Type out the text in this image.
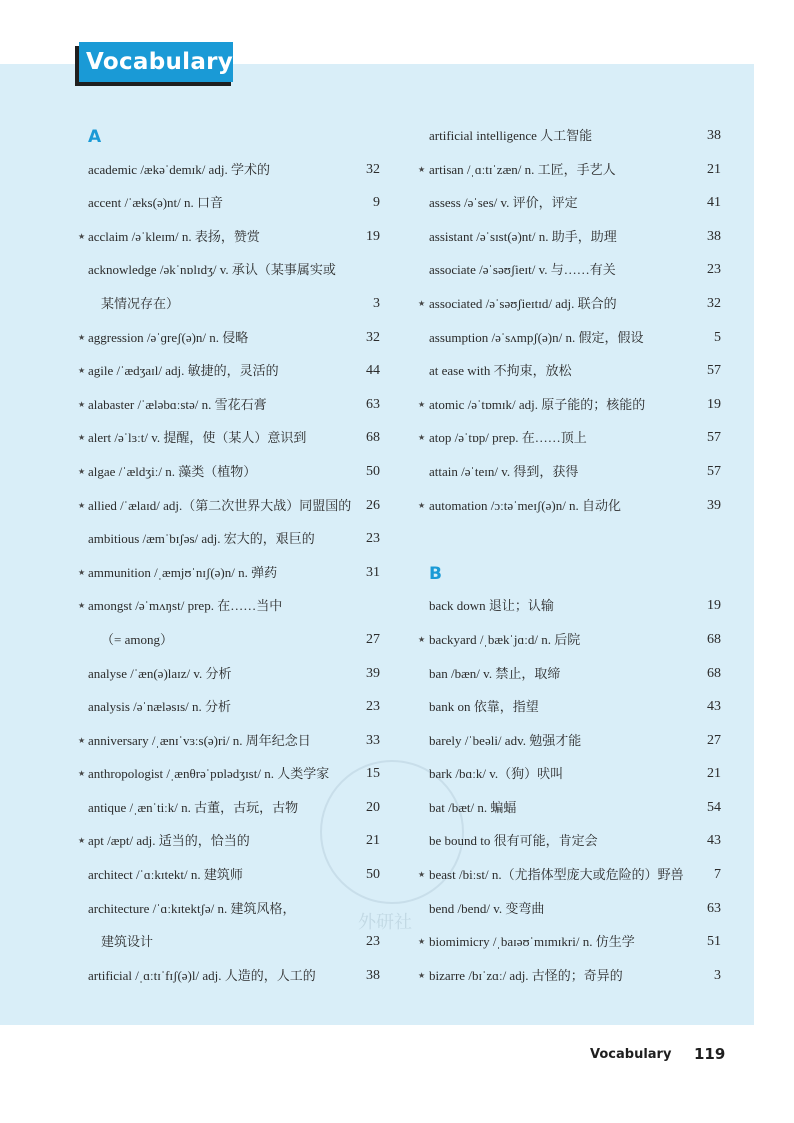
外研社
Vocabulary
A
academic /ækəˈdemɪk/ adj. 学术的	32
accent /ˈæks(ə)nt/ n. 口音	9
★ acclaim /əˈkleɪm/ n. 表扬，赞赏	19
acknowledge /əkˈnɒlɪdʒ/ v. 承认（某事属实或
某情况存在）	3
★ aggression /əˈɡreʃ(ə)n/ n. 侵略	32
★ agile /ˈædʒaɪl/ adj. 敏捷的，灵活的	44
★ alabaster /ˈæləbɑːstə/ n. 雪花石膏	63
★ alert /əˈlɜːt/ v. 提醒，使（某人）意识到	68
★ algae /ˈældʒiː/ n. 藻类（植物）	50
★ allied /ˈælaɪd/ adj.（第二次世界大战）同盟国的 26
ambitious /æmˈbɪʃəs/ adj. 宏大的，艰巨的	23
★ ammunition /ˌæmjʊˈnɪʃ(ə)n/ n. 弹药	31
★ amongst /əˈmʌŋst/ prep. 在……当中
（= among）	27
analyse /ˈæn(ə)laɪz/ v. 分析	39
analysis /əˈnæləsɪs/ n. 分析	23
★ anniversary /ˌænɪˈvɜːs(ə)ri/ n. 周年纪念日	33
★ anthropologist /ˌænθrəˈpɒlədʒɪst/ n. 人类学家	15
antique /ˌænˈtiːk/ n. 古董，古玩，古物	20
★ apt /æpt/ adj. 适当的，恰当的	21
architect /ˈɑːkɪtekt/ n. 建筑师	50
architecture /ˈɑːkɪtektʃə/ n. 建筑风格，
建筑设计	23
artificial /ˌɑːtɪˈfɪʃ(ə)l/ adj. 人造的，人工的	38
artificial intelligence 人工智能	38
★ artisan /ˌɑːtɪˈzæn/ n. 工匠，手艺人	21
assess /əˈses/ v. 评价，评定	41
assistant /əˈsɪst(ə)nt/ n. 助手，助理	38
associate /əˈsəʊʃieɪt/ v. 与……有关	23
★ associated /əˈsəʊʃieɪtɪd/ adj. 联合的	32
assumption /əˈsʌmpʃ(ə)n/ n. 假定，假设	5
at ease with 不拘束，放松	57
★ atomic /əˈtɒmɪk/ adj. 原子能的；核能的	19
★ atop /əˈtɒp/ prep. 在……顶上	57
attain /əˈteɪn/ v. 得到，获得	57
★ automation /ɔːtəˈmeɪʃ(ə)n/ n. 自动化	39
B
back down 退让；认输	19
★ backyard /ˌbækˈjɑːd/ n. 后院	68
ban /bæn/ v. 禁止，取缔	68
bank on 依靠，指望	43
barely /ˈbeəli/ adv. 勉强才能	27
bark /bɑːk/ v.（狗）吠叫	21
bat /bæt/ n. 蝙蝠	54
be bound to 很有可能，肯定会	43
★ beast /biːst/ n.（尤指体型庞大或危险的）野兽 7
bend /bend/ v. 变弯曲	63
★ biomimicry /ˌbaɪəʊˈmɪmɪkri/ n. 仿生学	51
★ bizarre /bɪˈzɑː/ adj. 古怪的；奇异的	3
Vocabulary 119
